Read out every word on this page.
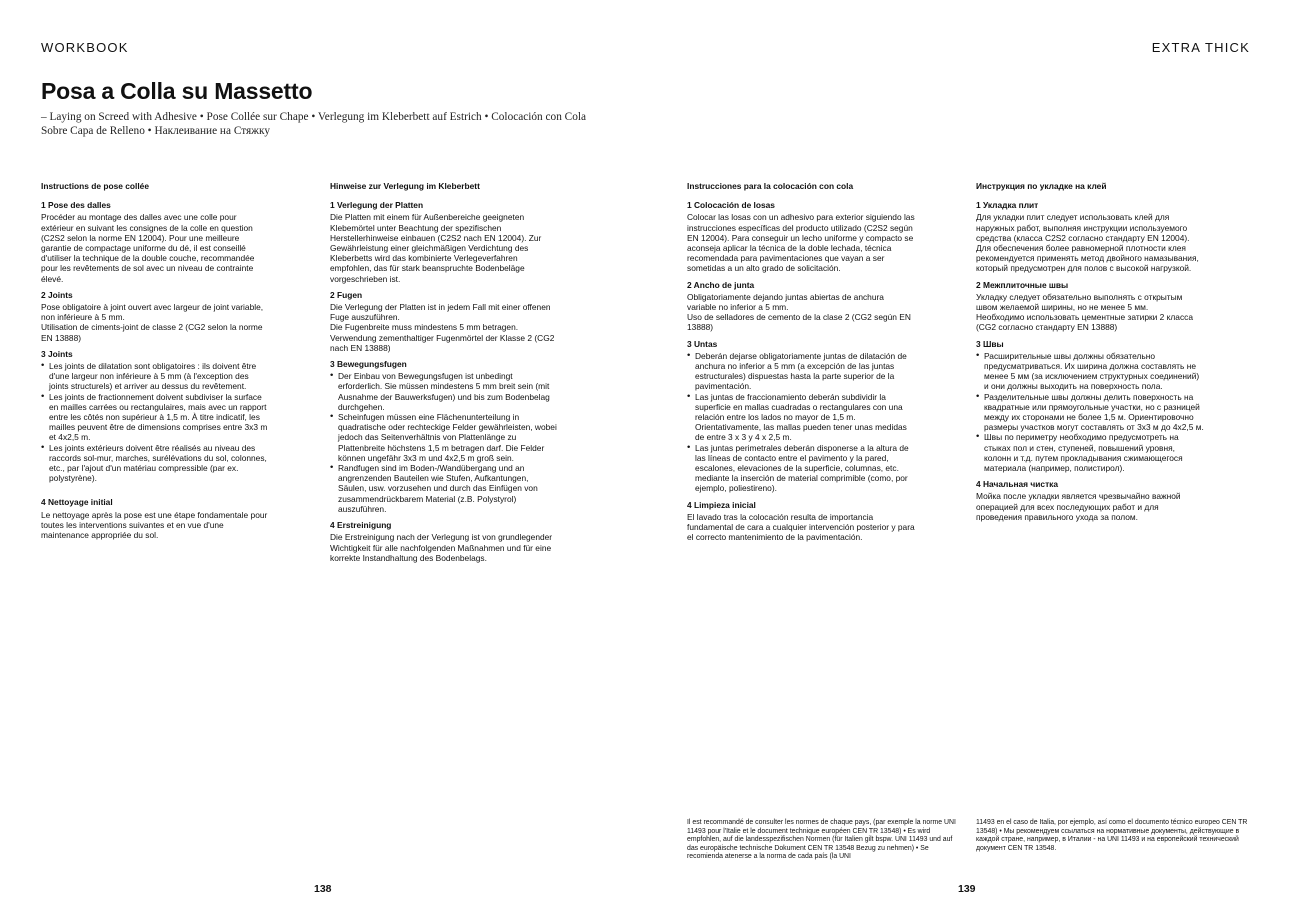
WORKBOOK	EXTRA THICK
Posa a Colla su Massetto

– Laying on Screed with Adhesive • Pose Collée sur Chape • Verlegung im Kleberbett auf Estrich • Colocación con Cola Sobre Capa de Relleno • Наклеивание на Стяжку

Instructions de pose collée
1 Pose des dalles
Procéder au montage des dalles avec une colle pour extérieur en suivant les consignes de la colle en question (C2S2 selon la norme EN 12004). Pour une meilleure garantie de compactage uniforme du dé, il est conseillé d'utiliser la technique de la double couche, recommandée pour les revêtements de sol avec un niveau de contrainte élevé.
2 Joints
Pose obligatoire à joint ouvert avec largeur de joint variable, non inférieure à 5 mm.
Utilisation de ciments-joint de classe 2 (CG2 selon la norme EN 13888)
3 Joints
• Les joints de dilatation sont obligatoires : ils doivent être d'une largeur non inférieure à 5 mm (à l'exception des joints structurels) et arriver au dessus du revêtement.
• Les joints de fractionnement doivent subdiviser la surface en mailles carrées ou rectangulaires, mais avec un rapport entre les côtés non supérieur à 1,5 m. À titre indicatif, les mailles peuvent être de dimensions comprises entre 3x3 m et 4x2,5 m.
• Les joints extérieurs doivent être réalisés au niveau des raccords sol-mur, marches, surélévations du sol, colonnes, etc., par l'ajout d'un matériau compressible (par ex. polystyrène).
4 Nettoyage initial
Le nettoyage après la pose est une étape fondamentale pour toutes les interventions suivantes et en vue d'une maintenance appropriée du sol.
Hinweise zur Verlegung im Kleberbett
1 Verlegung der Platten
Die Platten mit einem für Außenbereiche geeigneten Klebemörtel unter Beachtung der spezifischen Herstellerhinweise einbauen (C2S2 nach EN 12004). Zur Gewährleistung einer gleichmäßigen Verdichtung des Kleberbetts wird das kombinierte Verlegeverfahren empfohlen, das für stark beanspruchte Bodenbeläge vorgeschrieben ist.
2 Fugen
Die Verlegung der Platten ist in jedem Fall mit einer offenen Fuge auszuführen.
Die Fugenbreite muss mindestens 5 mm betragen.
Verwendung zementhaltiger Fugenmörtel der Klasse 2 (CG2 nach EN 13888)
3 Bewegungsfugen
• Der Einbau von Bewegungsfugen ist unbedingt erforderlich. Sie müssen mindestens 5 mm breit sein (mit Ausnahme der Bauwerksfugen) und bis zum Bodenbelag durchgehen.
• Scheinfugen müssen eine Flächenunterteilung in quadratische oder rechteckige Felder gewährleisten, wobei jedoch das Seitenverhältnis von Plattenlänge zu Plattenbreite höchstens 1,5 m betragen darf. Die Felder können ungefähr 3x3 m und 4x2,5 m groß sein.
• Randfugen sind im Boden-/Wandübergang und an angrenzenden Bauteilen wie Stufen, Aufkantungen, Säulen, usw. vorzusehen und durch das Einfügen von zusammendrückbarem Material (z.B. Polystyrol) auszuführen.
4 Erstreinigung
Die Erstreinigung nach der Verlegung ist von grundlegender Wichtigkeit für alle nachfolgenden Maßnahmen und für eine korrekte Instandhaltung des Bodenbelags.
Instrucciones para la colocación con cola
1 Colocación de losas
Colocar las losas con un adhesivo para exterior siguiendo las instrucciones específicas del producto utilizado (C2S2 según EN 12004). Para conseguir un lecho uniforme y compacto se aconseja aplicar la técnica de la doble lechada, técnica recomendada para pavimentaciones que vayan a ser sometidas a un alto grado de solicitación.
2 Ancho de junta
Obligatoriamente dejando juntas abiertas de anchura variable no inferior a 5 mm.
Uso de selladores de cemento de la clase 2 (CG2 según EN 13888)
3 Untas
• Deberán dejarse obligatoriamente juntas de dilatación de anchura no inferior a 5 mm (a excepción de las juntas estructurales) dispuestas hasta la parte superior de la pavimentación.
• Las juntas de fraccionamiento deberán subdividir la superficie en mallas cuadradas o rectangulares con una relación entre los lados no mayor de 1,5 m. Orientativamente, las mallas pueden tener unas medidas de entre 3 x 3 y 4 x 2,5 m.
• Las juntas perimetrales deberán disponerse a la altura de las líneas de contacto entre el pavimento y la pared, escalones, elevaciones de la superficie, columnas, etc. mediante la inserción de material comprimible (como, por ejemplo, poliestireno).
4 Limpieza inicial
El lavado tras la colocación resulta de importancia fundamental de cara a cualquier intervención posterior y para el correcto mantenimiento de la pavimentación.
Инструкция по укладке на клей
1 Укладка плит
Для укладки плит следует использовать клей для наружных работ, выполняя инструкции используемого средства (класса C2S2 согласно стандарту EN 12004). Для обеспечения более равномерной плотности клея рекомендуется применять метод двойного намазывания, который предусмотрен для полов с высокой нагрузкой.
2 Межплиточные швы
Укладку следует обязательно выполнять с открытым швом желаемой ширины, но не менее 5 мм.
Необходимо использовать цементные затирки 2 класса (CG2 согласно стандарту EN 13888)
3 Швы
• Расширительные швы должны обязательно предусматриваться. Их ширина должна составлять не менее 5 мм (за исключением структурных соединений) и они должны выходить на поверхность пола.
• Разделительные швы должны делить поверхность на квадратные или прямоугольные участки, но с разницей между их сторонами не более 1,5 м. Ориентировочно размеры участков могут составлять от 3x3 м до 4x2,5 м.
• Швы по периметру необходимо предусмотреть на стыках пол и стен, ступеней, повышений уровня, колонн и т.д. путем прокладывания сжимающегося материала (например, полистирол).
4 Начальная чистка
Мойка после укладки является чрезвычайно важной операцией для всех последующих работ и для проведения правильного ухода за полом.

Il est recommandé de consulter les normes de chaque pays, (par exemple la norme UNI 11493 pour l'Italie et le document technique européen CEN TR 13548) • Es wird empfohlen, auf die landesspezifischen Normen (für Italien gilt bspw. UNI 11493 und auf das europäische technische Dokument CEN TR 13548 Bezug zu nehmen) • Se recomienda atenerse a la norma de cada país (la UNI

11493 en el caso de Italia, por ejemplo, así como el documento técnico europeo CEN TR 13548) • Мы рекомендуем ссылаться на нормативные документы, действующие в каждой стране, например, в Италии - на UNI 11493 и на европейский технический документ CEN TR 13548.

138	139
